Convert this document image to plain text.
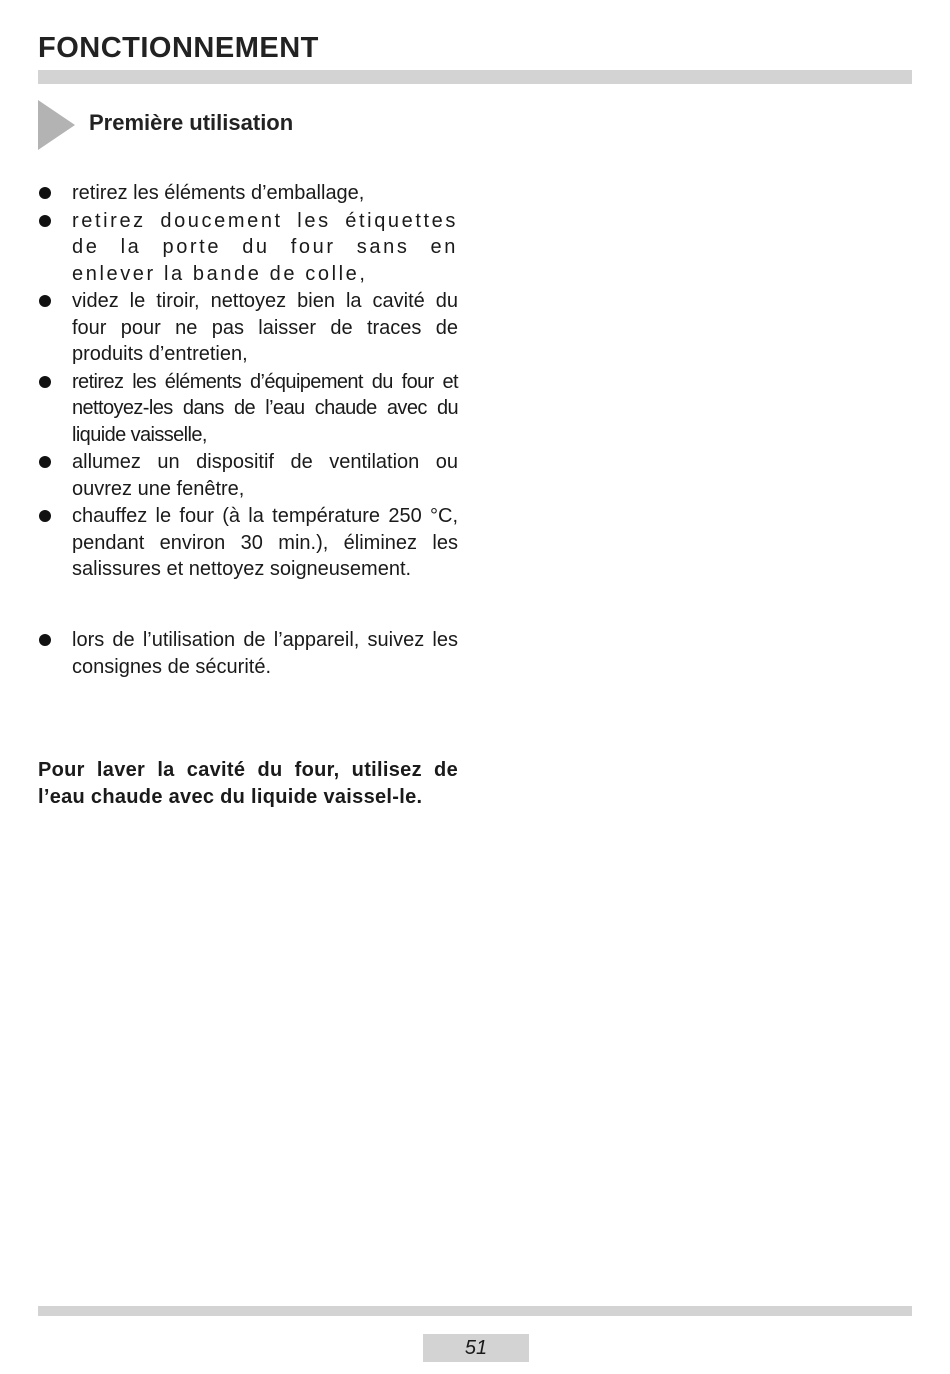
FONCTIONNEMENT
Première utilisation
retirez les éléments d’emballage,
retirez doucement les étiquettes de la porte du four sans en enlever la bande de colle,
videz le tiroir, nettoyez bien la cavité du four pour ne pas laisser de traces de produits d’entretien,
retirez les éléments d’équipement du four et nettoyez-les dans de l’eau chaude avec du liquide vaisselle,
allumez un dispositif de ventilation ou ouvrez une fenêtre,
chauffez le four (à la température 250 °C, pendant environ 30 min.), éliminez les salissures et nettoyez soigneusement.
lors de l’utilisation de l’appareil, suivez les consignes de sécurité.

Pour laver la cavité du four, utilisez de l’eau chaude avec du liquide vaissel-le.

51
